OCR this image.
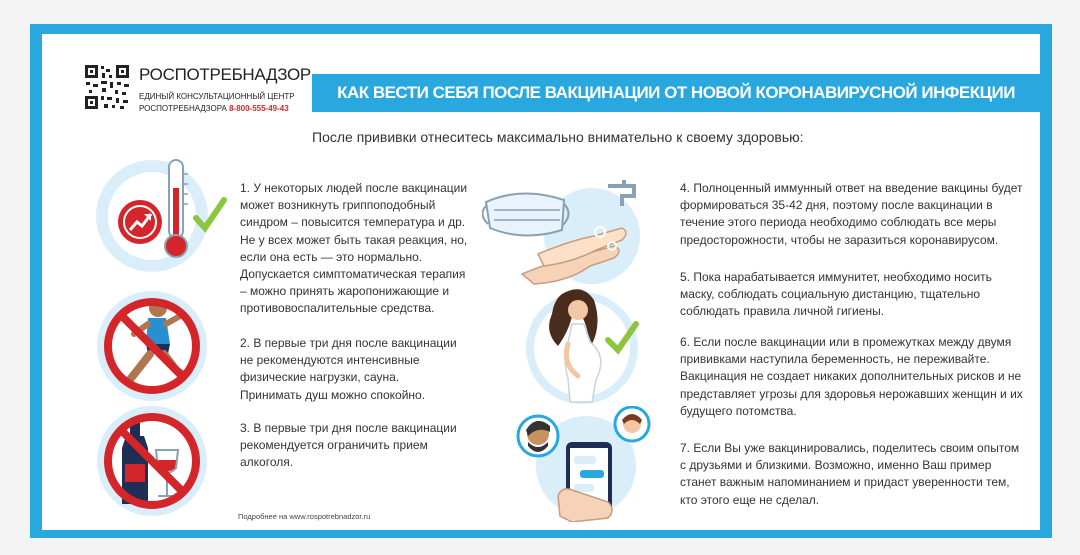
РОСПОТРЕБНАДЗОР
ЕДИНЫЙ КОНСУЛЬТАЦИОННЫЙ ЦЕНТР
РОСПОТРЕБНАДЗОРА 8-800-555-49-43
КАК ВЕСТИ СЕБЯ ПОСЛЕ ВАКЦИНАЦИИ ОТ НОВОЙ КОРОНАВИРУСНОЙ ИНФЕКЦИИ
После прививки отнеситесь максимально внимательно к своему здоровью:

1. У некоторых людей после вакцинации
может возникнуть гриппоподобный
синдром – повысится температура и др.
Не у всех может быть такая реакция, но,
если она есть — это нормально.
Допускается симптоматическая терапия
– можно принять жаропонижающие и
противовоспалительные средства.

2. В первые три дня после вакцинации
не рекомендуются интенсивные
физические нагрузки, сауна.
Принимать душ можно спокойно.

3. В первые три дня после вакцинации
рекомендуется ограничить прием
алкоголя.

4. Полноценный иммунный ответ на введение вакцины будет
формироваться 35-42 дня, поэтому после вакцинации в
течение этого периода необходимо соблюдать все меры
предосторожности, чтобы не заразиться коронавирусом.

5. Пока нарабатывается иммунитет, необходимо носить
маску, соблюдать социальную дистанцию, тщательно
соблюдать правила личной гигиены.

6. Если после вакцинации или в промежутках между двумя
прививками наступила беременность, не переживайте.
Вакцинация не создает никаких дополнительных рисков и не
представляет угрозы для здоровья нерожавших женщин и их
будущего потомства.

7. Если Вы уже вакцинировались, поделитесь своим опытом
с друзьями и близкими. Возможно, именно Ваш пример
станет важным напоминанием и придаст уверенности тем,
кто этого еще не сделал.

Подробнее на www.rospotrebnadzor.ru
